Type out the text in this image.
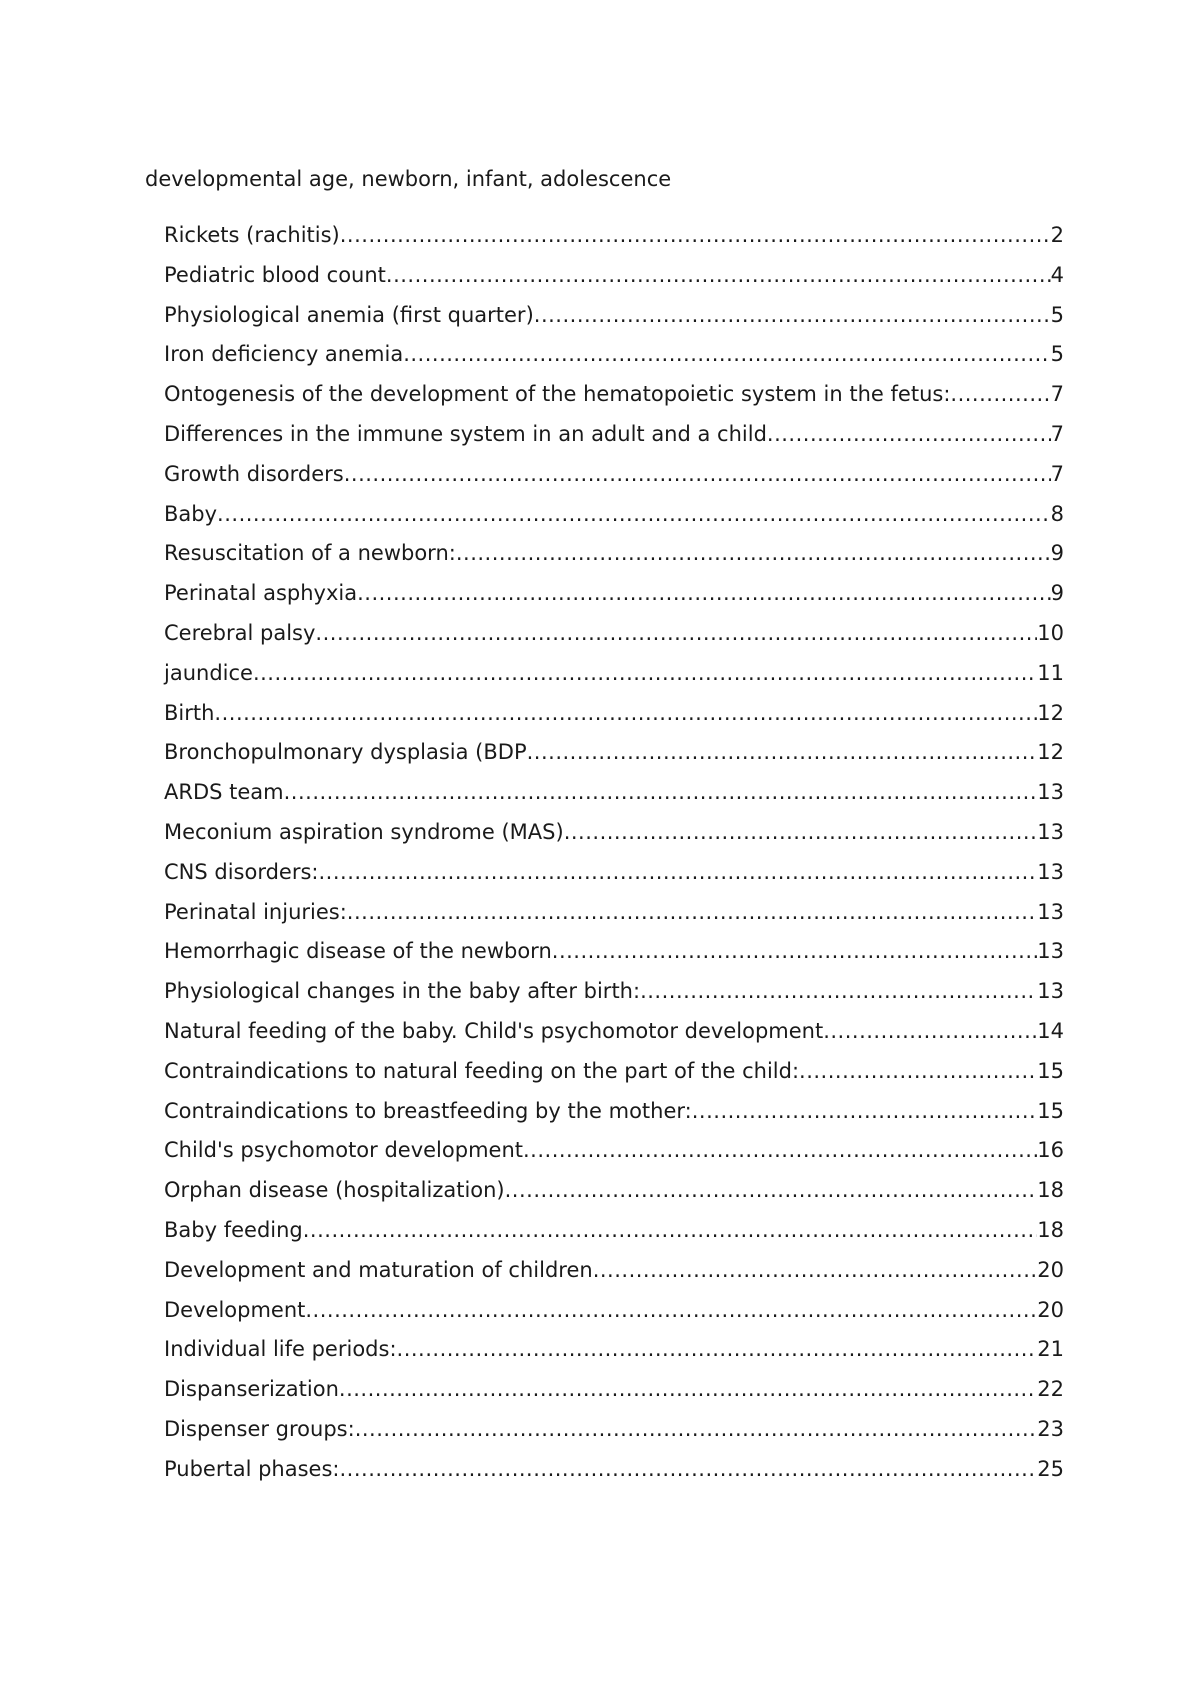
developmental age, newborn, infant, adolescence
Rickets (rachitis) .....	2
Pediatric blood count .....	4
Physiological anemia (first quarter) .....	5
Iron deficiency anemia .....	5
Ontogenesis of the development of the hematopoietic system in the fetus: .....	7
Differences in the immune system in an adult and a child .....	7
Growth disorders .....	7
Baby .....	8
Resuscitation of a newborn: .....	9
Perinatal asphyxia .....	9
Cerebral palsy .....	10
jaundice .....	11
Birth .....	12
Bronchopulmonary dysplasia (BDP .....	12
ARDS team .....	13
Meconium aspiration syndrome (MAS) .....	13
CNS disorders: .....	13
Perinatal injuries: .....	13
Hemorrhagic disease of the newborn .....	13
Physiological changes in the baby after birth: .....	13
Natural feeding of the baby. Child's psychomotor development .....	14
Contraindications to natural feeding on the part of the child: .....	15
Contraindications to breastfeeding by the mother: .....	15
Child's psychomotor development .....	16
Orphan disease (hospitalization) .....	18
Baby feeding .....	18
Development and maturation of children .....	20
Development .....	20
Individual life periods: .....	21
Dispanserization .....	22
Dispenser groups: .....	23
Pubertal phases: .....	25
